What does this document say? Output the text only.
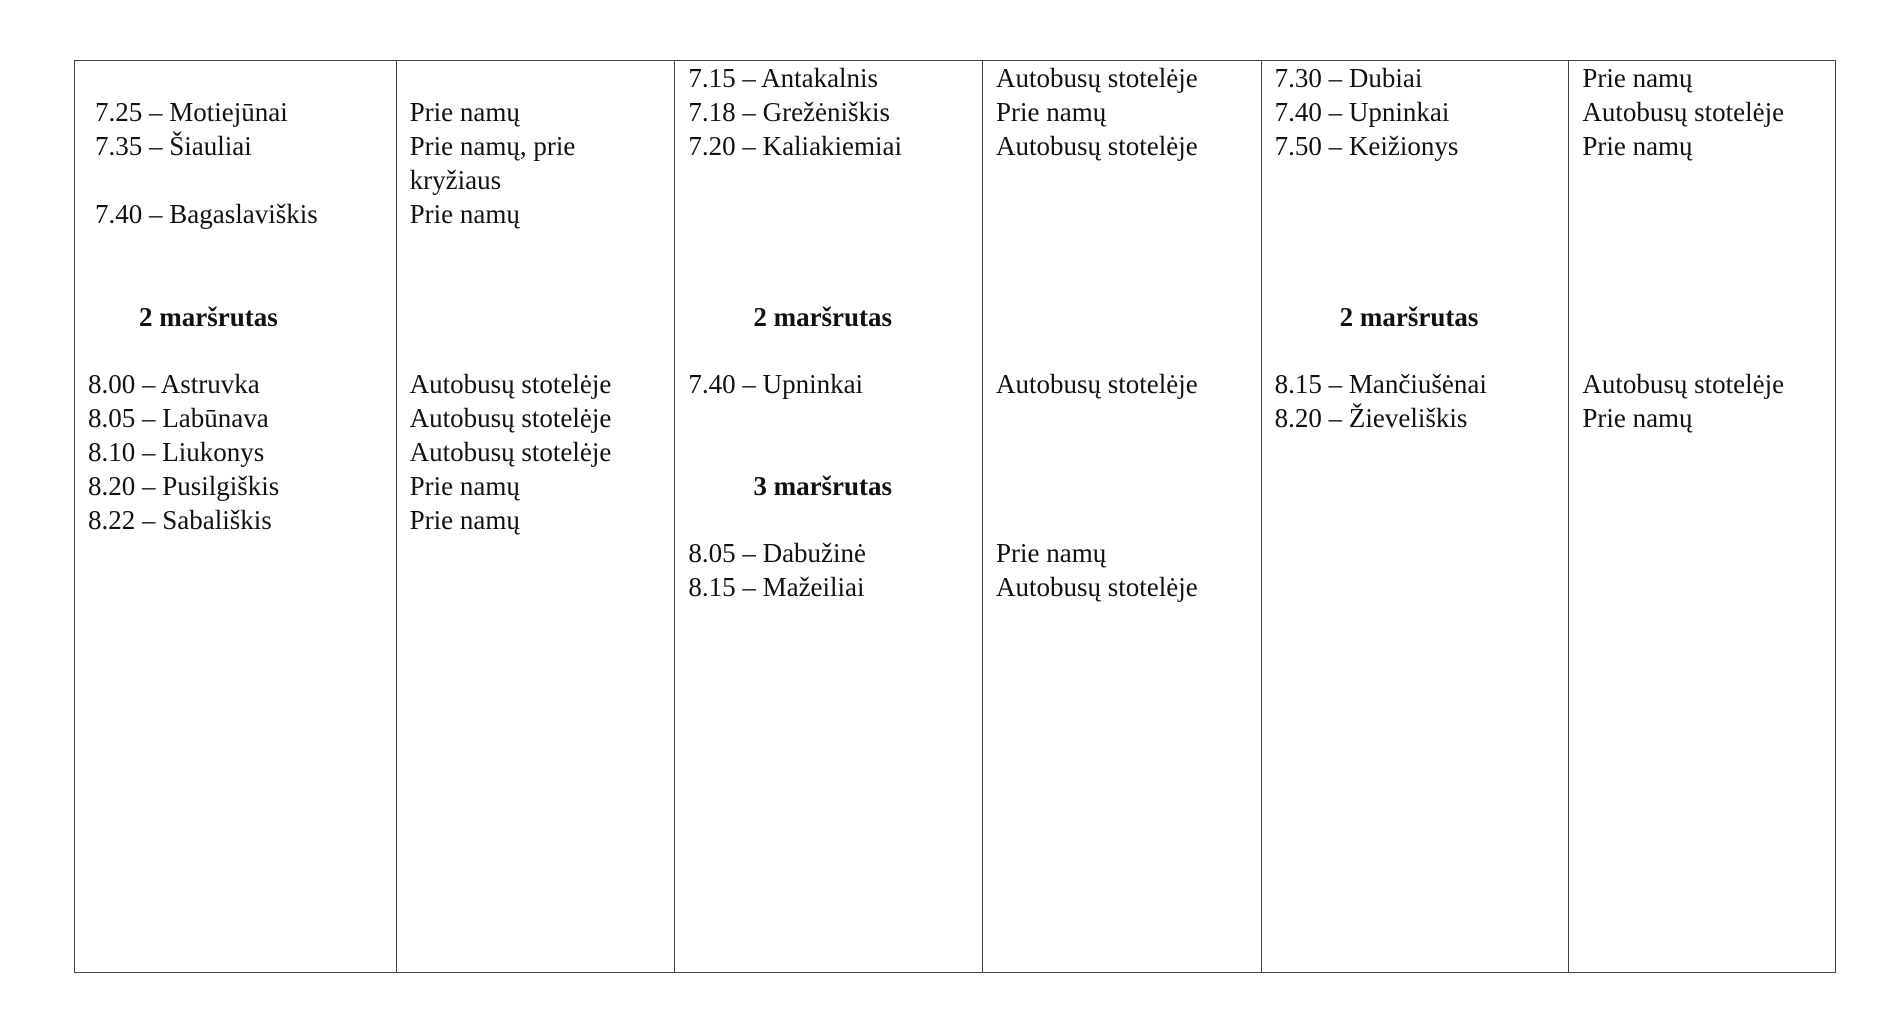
7.25 – Motiejūnai
7.35 – Šiauliai
7.40 – Bagaslaviškis
2 maršrutas
8.00 – Astruvka
8.05 – Labūnava
8.10 – Liukonys
8.20 – Pusilgiškis
8.22 – Sabališkis
Prie namų
Prie namų, prie
kryžiaus
Prie namų
Autobusų stotelėje
Autobusų stotelėje
Autobusų stotelėje
Prie namų
Prie namų
7.15 – Antakalnis
7.18 – Grežėniškis
7.20 – Kaliakiemiai
2 maršrutas
7.40 – Upninkai
3 maršrutas
8.05 – Dabužinė
8.15 – Mažeiliai
Autobusų stotelėje
Prie namų
Autobusų stotelėje
Autobusų stotelėje
Prie namų
Autobusų stotelėje
7.30 – Dubiai
7.40 – Upninkai
7.50 – Keižionys
2 maršrutas
8.15 – Mančiušėnai
8.20 – Žieveliškis
Prie namų
Autobusų stotelėje
Prie namų
Autobusų stotelėje
Prie namų
